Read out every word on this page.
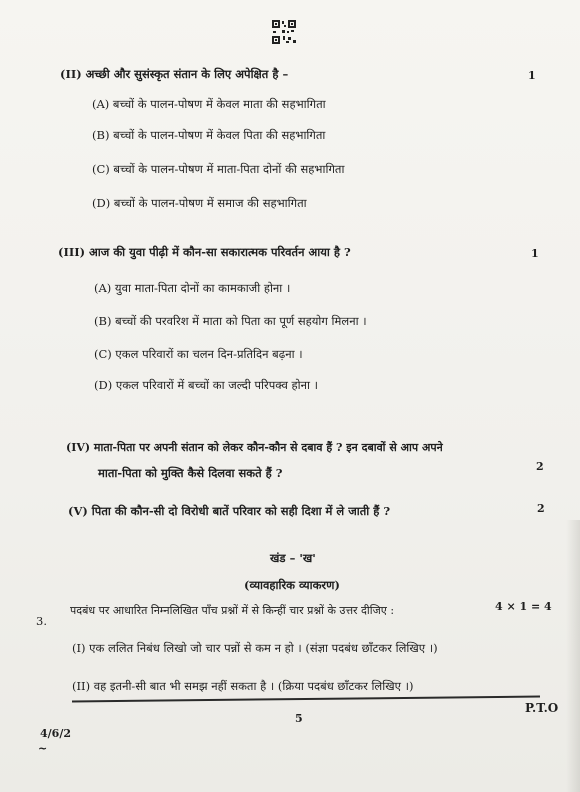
(II) अच्छी और सुसंस्कृत संतान के लिए अपेक्षित है –	1
(A) बच्चों के पालन-पोषण में केवल माता की सहभागिता
(B) बच्चों के पालन-पोषण में केवल पिता की सहभागिता
(C) बच्चों के पालन-पोषण में माता-पिता दोनों की सहभागिता
(D) बच्चों के पालन-पोषण में समाज की सहभागिता
(III) आज की युवा पीढ़ी में कौन-सा सकारात्मक परिवर्तन आया है ?	1
(A) युवा माता-पिता दोनों का कामकाजी होना ।
(B) बच्चों की परवरिश में माता को पिता का पूर्ण सहयोग मिलना ।
(C) एकल परिवारों का चलन दिन-प्रतिदिन बढ़ना ।
(D) एकल परिवारों में बच्चों का जल्दी परिपक्व होना ।
(IV) माता-पिता पर अपनी संतान को लेकर कौन-कौन से दबाव हैं ? इन दबावों से आप अपने
माता-पिता को मुक्ति कैसे दिलवा सकते हैं ?	2
(V) पिता की कौन-सी दो विरोधी बातें परिवार को सही दिशा में ले जाती हैं ?	2
खंड – 'ख'
(व्यावहारिक व्याकरण)
3.
पदबंध पर आधारित निम्नलिखित पाँच प्रश्नों में से किन्हीं चार प्रश्नों के उत्तर दीजिए :	4 × 1 = 4
(I) एक ललित निबंध लिखो जो चार पन्नों से कम न हो । (संज्ञा पदबंध छाँटकर लिखिए ।)
(II) वह इतनी-सी बात भी समझ नहीं सकता है । (क्रिया पदबंध छाँटकर लिखिए ।)
5
P.T.O
4/6/2
~
